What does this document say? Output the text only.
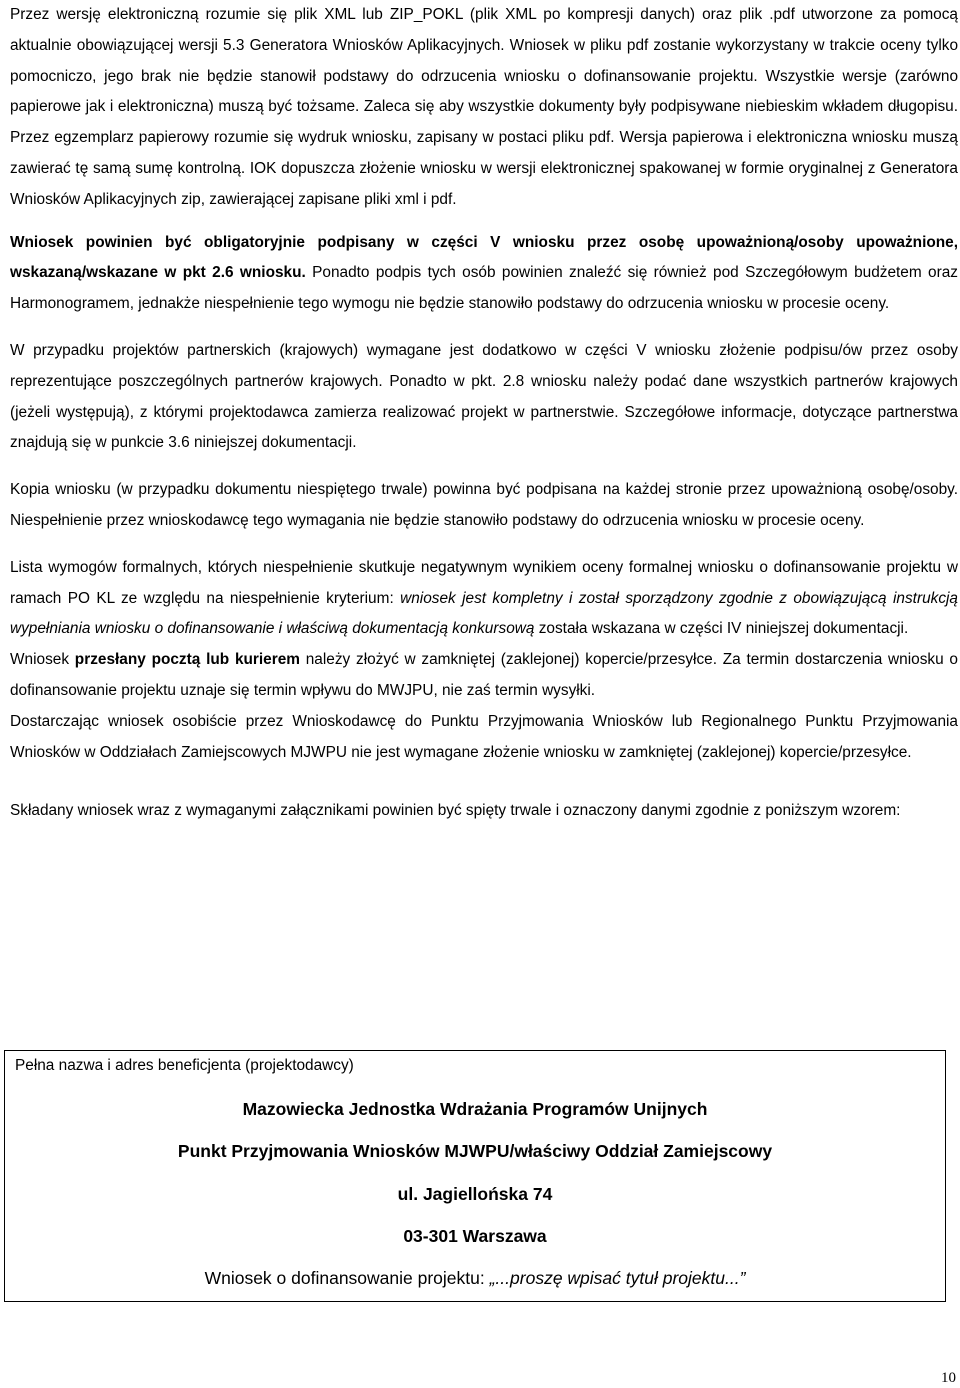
Przez wersję elektroniczną rozumie się plik XML lub ZIP_POKL (plik XML po kompresji danych) oraz plik .pdf utworzone za pomocą aktualnie obowiązującej wersji 5.3 Generatora Wniosków Aplikacyjnych. Wniosek w pliku pdf zostanie wykorzystany w trakcie oceny tylko pomocniczo, jego brak nie będzie stanowił podstawy do odrzucenia wniosku o dofinansowanie projektu. Wszystkie wersje (zarówno papierowe jak i elektroniczna) muszą być tożsame. Zaleca się aby wszystkie dokumenty były podpisywane niebieskim wkładem długopisu. Przez egzemplarz papierowy rozumie się wydruk wniosku, zapisany w postaci pliku pdf. Wersja papierowa i elektroniczna wniosku muszą zawierać tę samą sumę kontrolną. IOK dopuszcza złożenie wniosku w wersji elektronicznej spakowanej w formie oryginalnej z Generatora Wniosków Aplikacyjnych zip, zawierającej zapisane pliki xml i pdf.

Wniosek powinien być obligatoryjnie podpisany w części V wniosku przez osobę upoważnioną/osoby upoważnione, wskazaną/wskazane w pkt 2.6 wniosku. Ponadto podpis tych osób powinien znaleźć się również pod Szczegółowym budżetem oraz Harmonogramem, jednakże niespełnienie tego wymogu nie będzie stanowiło podstawy do odrzucenia wniosku w procesie oceny.

W przypadku projektów partnerskich (krajowych) wymagane jest dodatkowo w części V wniosku złożenie podpisu/ów przez osoby reprezentujące poszczególnych partnerów krajowych. Ponadto w pkt. 2.8 wniosku należy podać dane wszystkich partnerów krajowych (jeżeli występują), z którymi projektodawca zamierza realizować projekt w partnerstwie. Szczegółowe informacje, dotyczące partnerstwa znajdują się w punkcie 3.6 niniejszej dokumentacji.

Kopia wniosku (w przypadku dokumentu niespiętego trwale) powinna być podpisana na każdej stronie przez upoważnioną osobę/osoby. Niespełnienie przez wnioskodawcę tego wymagania nie będzie stanowiło podstawy do odrzucenia wniosku w procesie oceny.

Lista wymogów formalnych, których niespełnienie skutkuje negatywnym wynikiem oceny formalnej wniosku o dofinansowanie projektu w ramach PO KL ze względu na niespełnienie kryterium: wniosek jest kompletny i został sporządzony zgodnie z obowiązującą instrukcją wypełniania wniosku o dofinansowanie i właściwą dokumentacją konkursową została wskazana w części IV niniejszej dokumentacji.

Wniosek przesłany pocztą lub kurierem należy złożyć w zamkniętej (zaklejonej) kopercie/przesyłce. Za termin dostarczenia wniosku o dofinansowanie projektu uznaje się termin wpływu do MWJPU, nie zaś termin wysyłki.

Dostarczając wniosek osobiście przez Wnioskodawcę do Punktu Przyjmowania Wniosków lub Regionalnego Punktu Przyjmowania Wniosków w Oddziałach Zamiejscowych MJWPU nie jest wymagane złożenie wniosku w zamkniętej (zaklejonej) kopercie/przesyłce.

Składany wniosek wraz z wymaganymi załącznikami powinien być spięty trwale i oznaczony danymi zgodnie z poniższym wzorem:

Pełna nazwa i adres beneficjenta (projektodawcy)
Mazowiecka Jednostka Wdrażania Programów Unijnych
Punkt Przyjmowania Wniosków MJWPU/właściwy Oddział Zamiejscowy
ul. Jagiellońska 74
03-301 Warszawa
Wniosek o dofinansowanie projektu: „...proszę wpisać tytuł projektu...”
10
